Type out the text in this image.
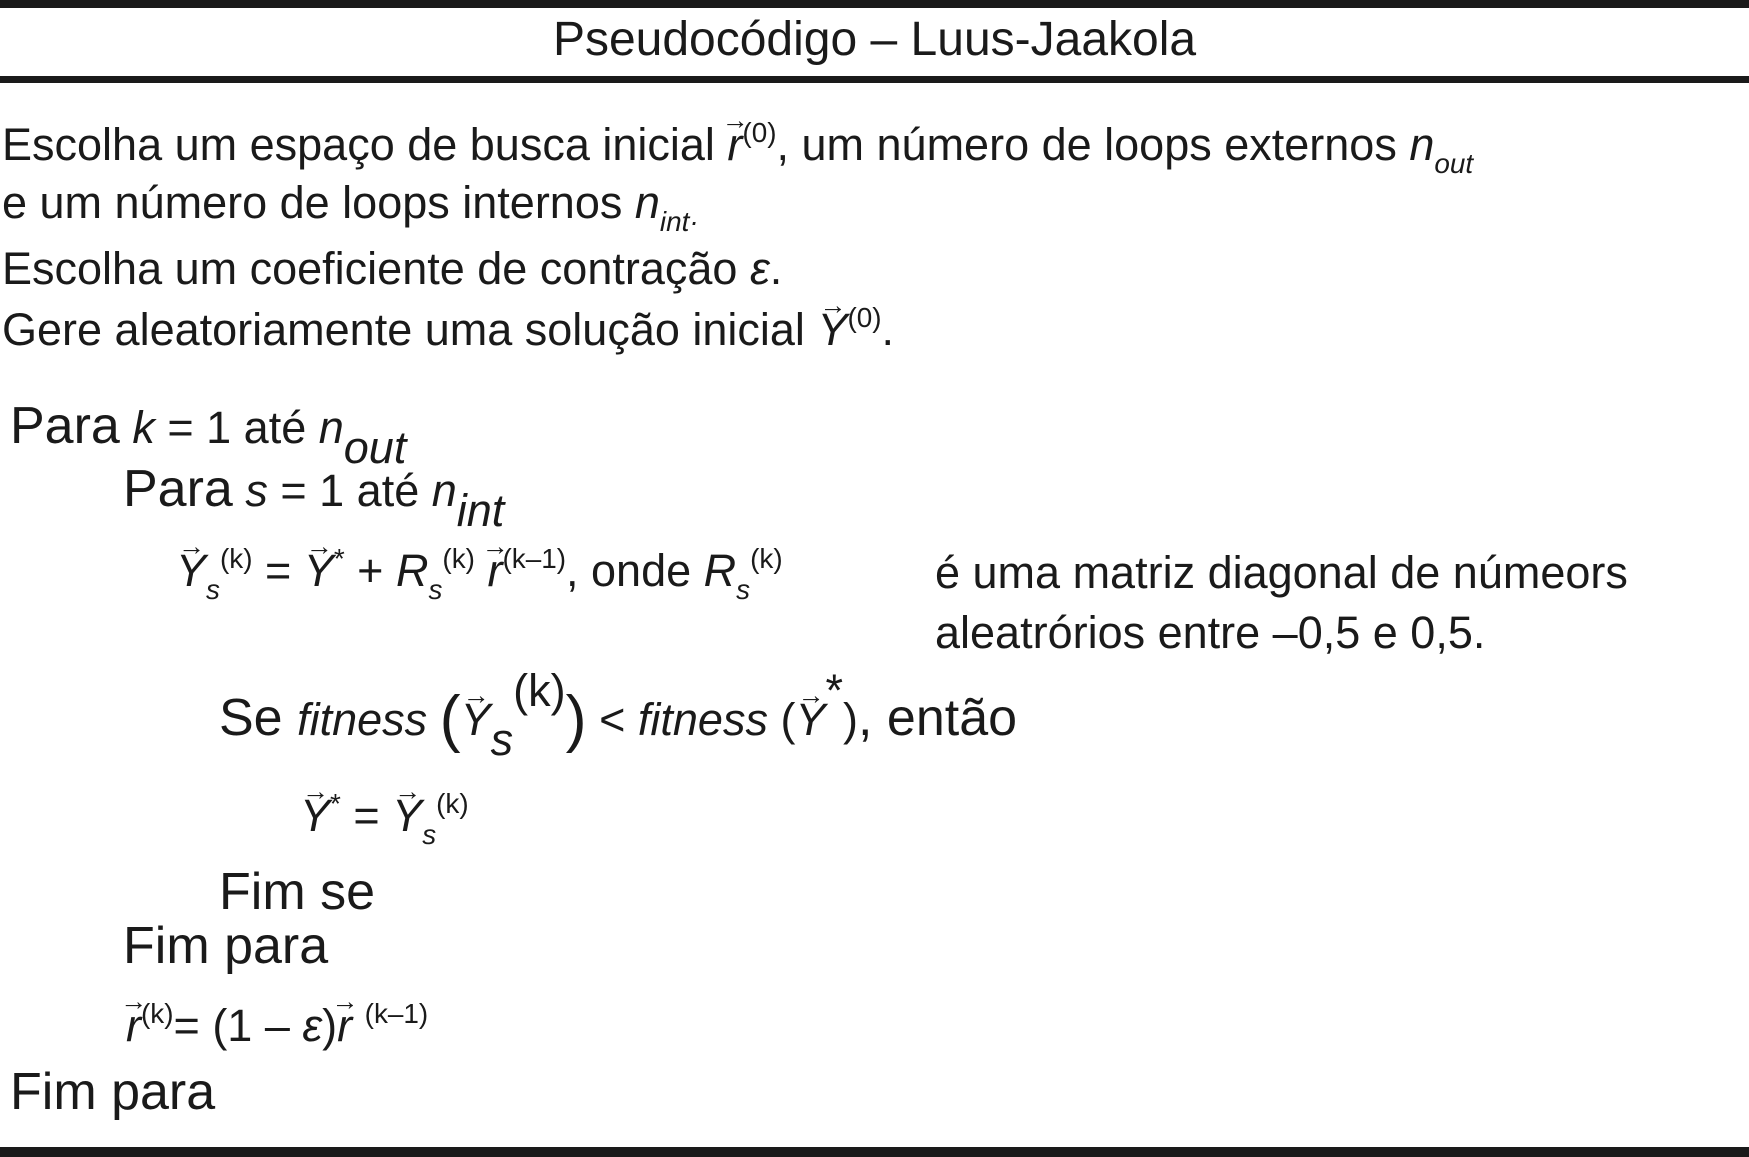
Pseudocódigo – Luus-Jaakola
Escolha um espaço de busca inicial → $r^{(0)}$, um número de loops externos $n_{out}$
e um número de loops internos $n_{int\cdot}$
Escolha um coeficiente de contração ε.
Gere aleatoriamente uma solução inicial → $Y^{(0)}$.
Para k = 1 até $n_{out}$
Para s = 1 até $n_{int}$
→ $Y_s^{(k)}$ = → $Y^* + R_s^{(k)} \to r^{(k-1)}$, onde $R_s^{(k)}$	é uma matriz diagonal de númeors
aleatrórios entre –0,5 e 0,5.
Se fitness (→ $Y_s^{(k)}$) < fitness (→ Y*), então
→ Y* = → $Y_s^{(k)}$
Fim se
Fim para
→ $r^{(k)}= (1 - \varepsilon)\to r$ $^{(k-1)}$
Fim para
